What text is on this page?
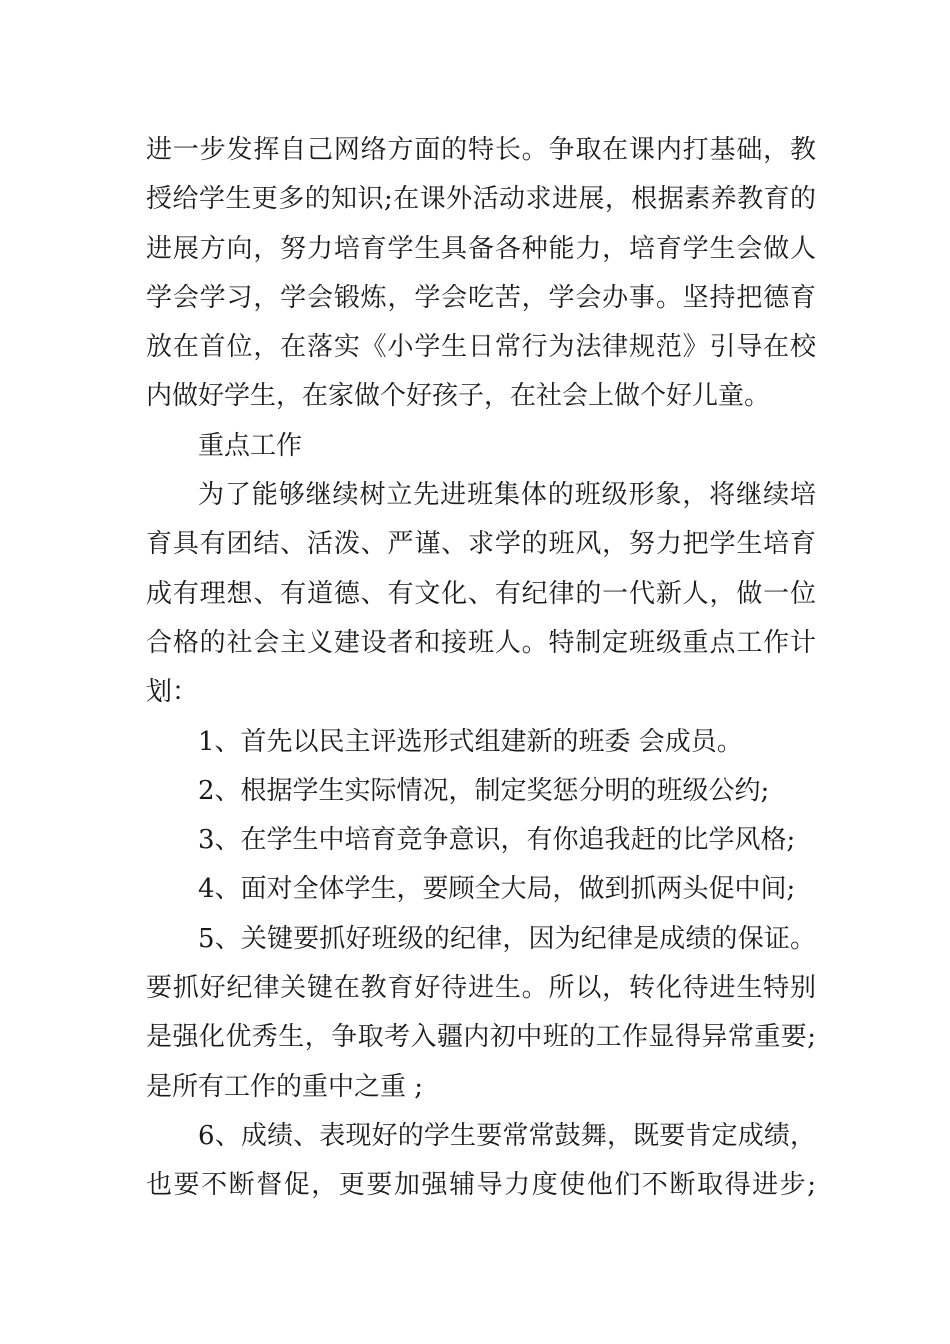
进一步发挥自己网络方面的特长。争取在课内打基础，教
授给学生更多的知识;在课外活动求进展，根据素养教育的
进展方向，努力培育学生具备各种能力，培育学生会做人
学会学习，学会锻炼，学会吃苦，学会办事。坚持把德育
放在首位，在落实《小学生日常行为法律规范》引导在校
内做好学生，在家做个好孩子，在社会上做个好儿童。
重点工作
为了能够继续树立先进班集体的班级形象，将继续培
育具有团结、活泼、严谨、求学的班风，努力把学生培育
成有理想、有道德、有文化、有纪律的一代新人，做一位
合格的社会主义建设者和接班人。特制定班级重点工作计
划：
1、首先以民主评选形式组建新的班委 会成员。
2、根据学生实际情况，制定奖惩分明的班级公约;
3、在学生中培育竞争意识，有你追我赶的比学风格;
4、面对全体学生，要顾全大局，做到抓两头促中间;
5、关键要抓好班级的纪律，因为纪律是成绩的保证。
要抓好纪律关键在教育好待进生。所以，转化待进生特别
是强化优秀生，争取考入疆内初中班的工作显得异常重要;
是所有工作的重中之重 ;
6、成绩、表现好的学生要常常鼓舞，既要肯定成绩，
也要不断督促，更要加强辅导力度使他们不断取得进步;
